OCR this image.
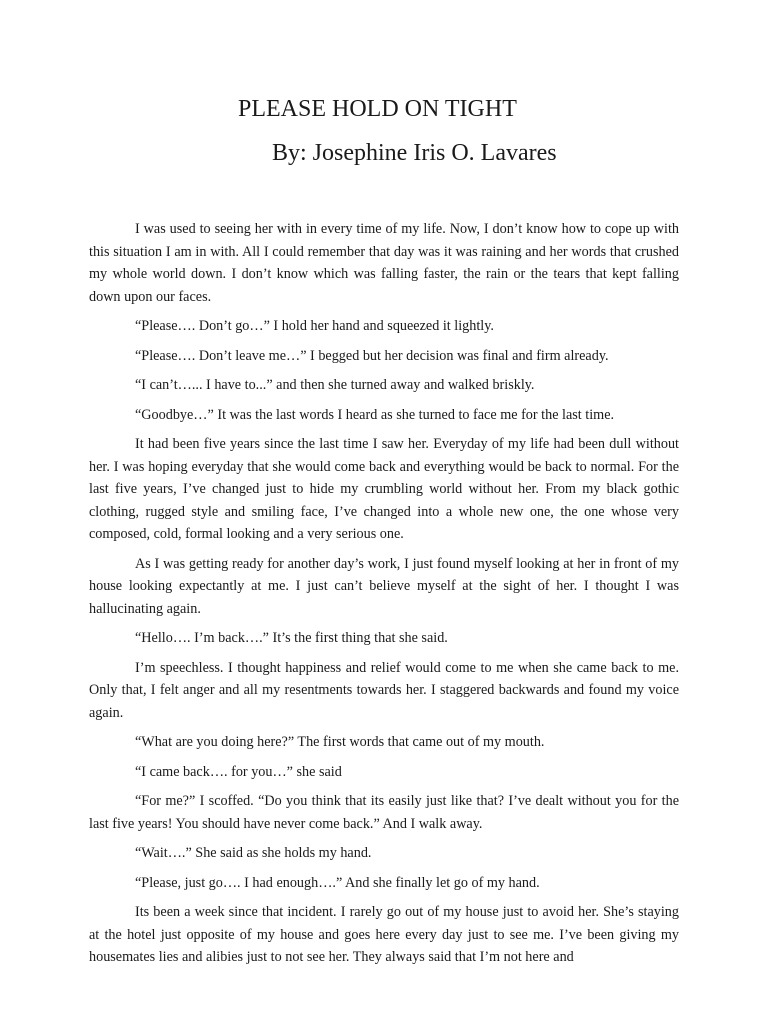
PLEASE HOLD ON TIGHT
By: Josephine Iris O. Lavares

I was used to seeing her with in every time of my life. Now, I don’t know how to cope up with this situation I am in with. All I could remember that day was it was raining and her words that crushed my whole world down. I don’t know which was falling faster, the rain or the tears that kept falling down upon our faces.

“Please…. Don’t go…” I hold her hand and squeezed it lightly.

“Please…. Don’t leave me…” I begged but her decision was final and firm already.

“I can’t…... I have to...” and then she turned away and walked briskly.

“Goodbye…” It was the last words I heard as she turned to face me for the last time.

It had been five years since the last time I saw her. Everyday of my life had been dull without her. I was hoping everyday that she would come back and everything would be back to normal. For the last five years, I’ve changed just to hide my crumbling world without her. From my black gothic clothing, rugged style and smiling face, I’ve changed into a whole new one, the one whose very composed, cold, formal looking and a very serious one.

As I was getting ready for another day’s work, I just found myself looking at her in front of my house looking expectantly at me. I just can’t believe myself at the sight of her. I thought I was hallucinating again.

“Hello…. I’m back….” It’s the first thing that she said.

I’m speechless. I thought happiness and relief would come to me when she came back to me. Only that, I felt anger and all my resentments towards her. I staggered backwards and found my voice again.

“What are you doing here?” The first words that came out of my mouth.

“I came back…. for you…” she said

“For me?” I scoffed. “Do you think that its easily just like that? I’ve dealt without you for the last five years! You should have never come back.” And I walk away.

“Wait….” She said as she holds my hand.

“Please, just go…. I had enough….” And she finally let go of my hand.

Its been a week since that incident. I rarely go out of my house just to avoid her. She’s staying at the hotel just opposite of my house and goes here every day just to see me. I’ve been giving my housemates lies and alibies just to not see her. They always said that I’m not here and
